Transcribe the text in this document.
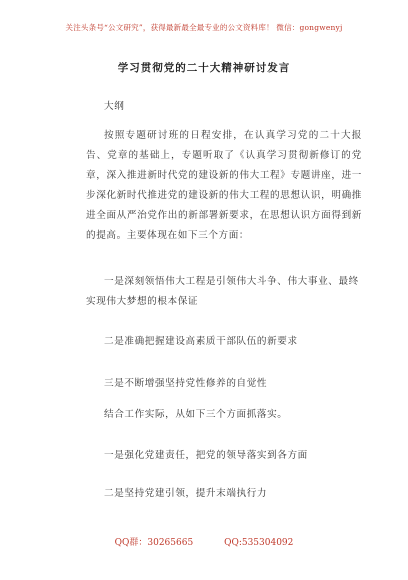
关注头条号“公文研究”，获得最新最全最专业的公文资料库！ 微信：gongwenyj
学习贯彻党的二十大精神研讨发言
大纲
按照专题研讨班的日程安排，在认真学习党的二十大报告、党章的基础上，专题听取了《认真学习贯彻新修订的党章，深入推进新时代党的建设新的伟大工程》专题讲座，进一步深化新时代推进党的建设新的伟大工程的思想认识，明确推进全面从严治党作出的新部署新要求，在思想认识方面得到新的提高。主要体现在如下三个方面：
一是深刻领悟伟大工程是引领伟大斗争、伟大事业、最终实现伟大梦想的根本保证
二是准确把握建设高素质干部队伍的新要求
三是不断增强坚持党性修养的自觉性
结合工作实际，从如下三个方面抓落实。
一是强化党建责任，把党的领导落实到各方面
二是坚持党建引领，提升末端执行力
QQ群：30265665	QQ:535304092
